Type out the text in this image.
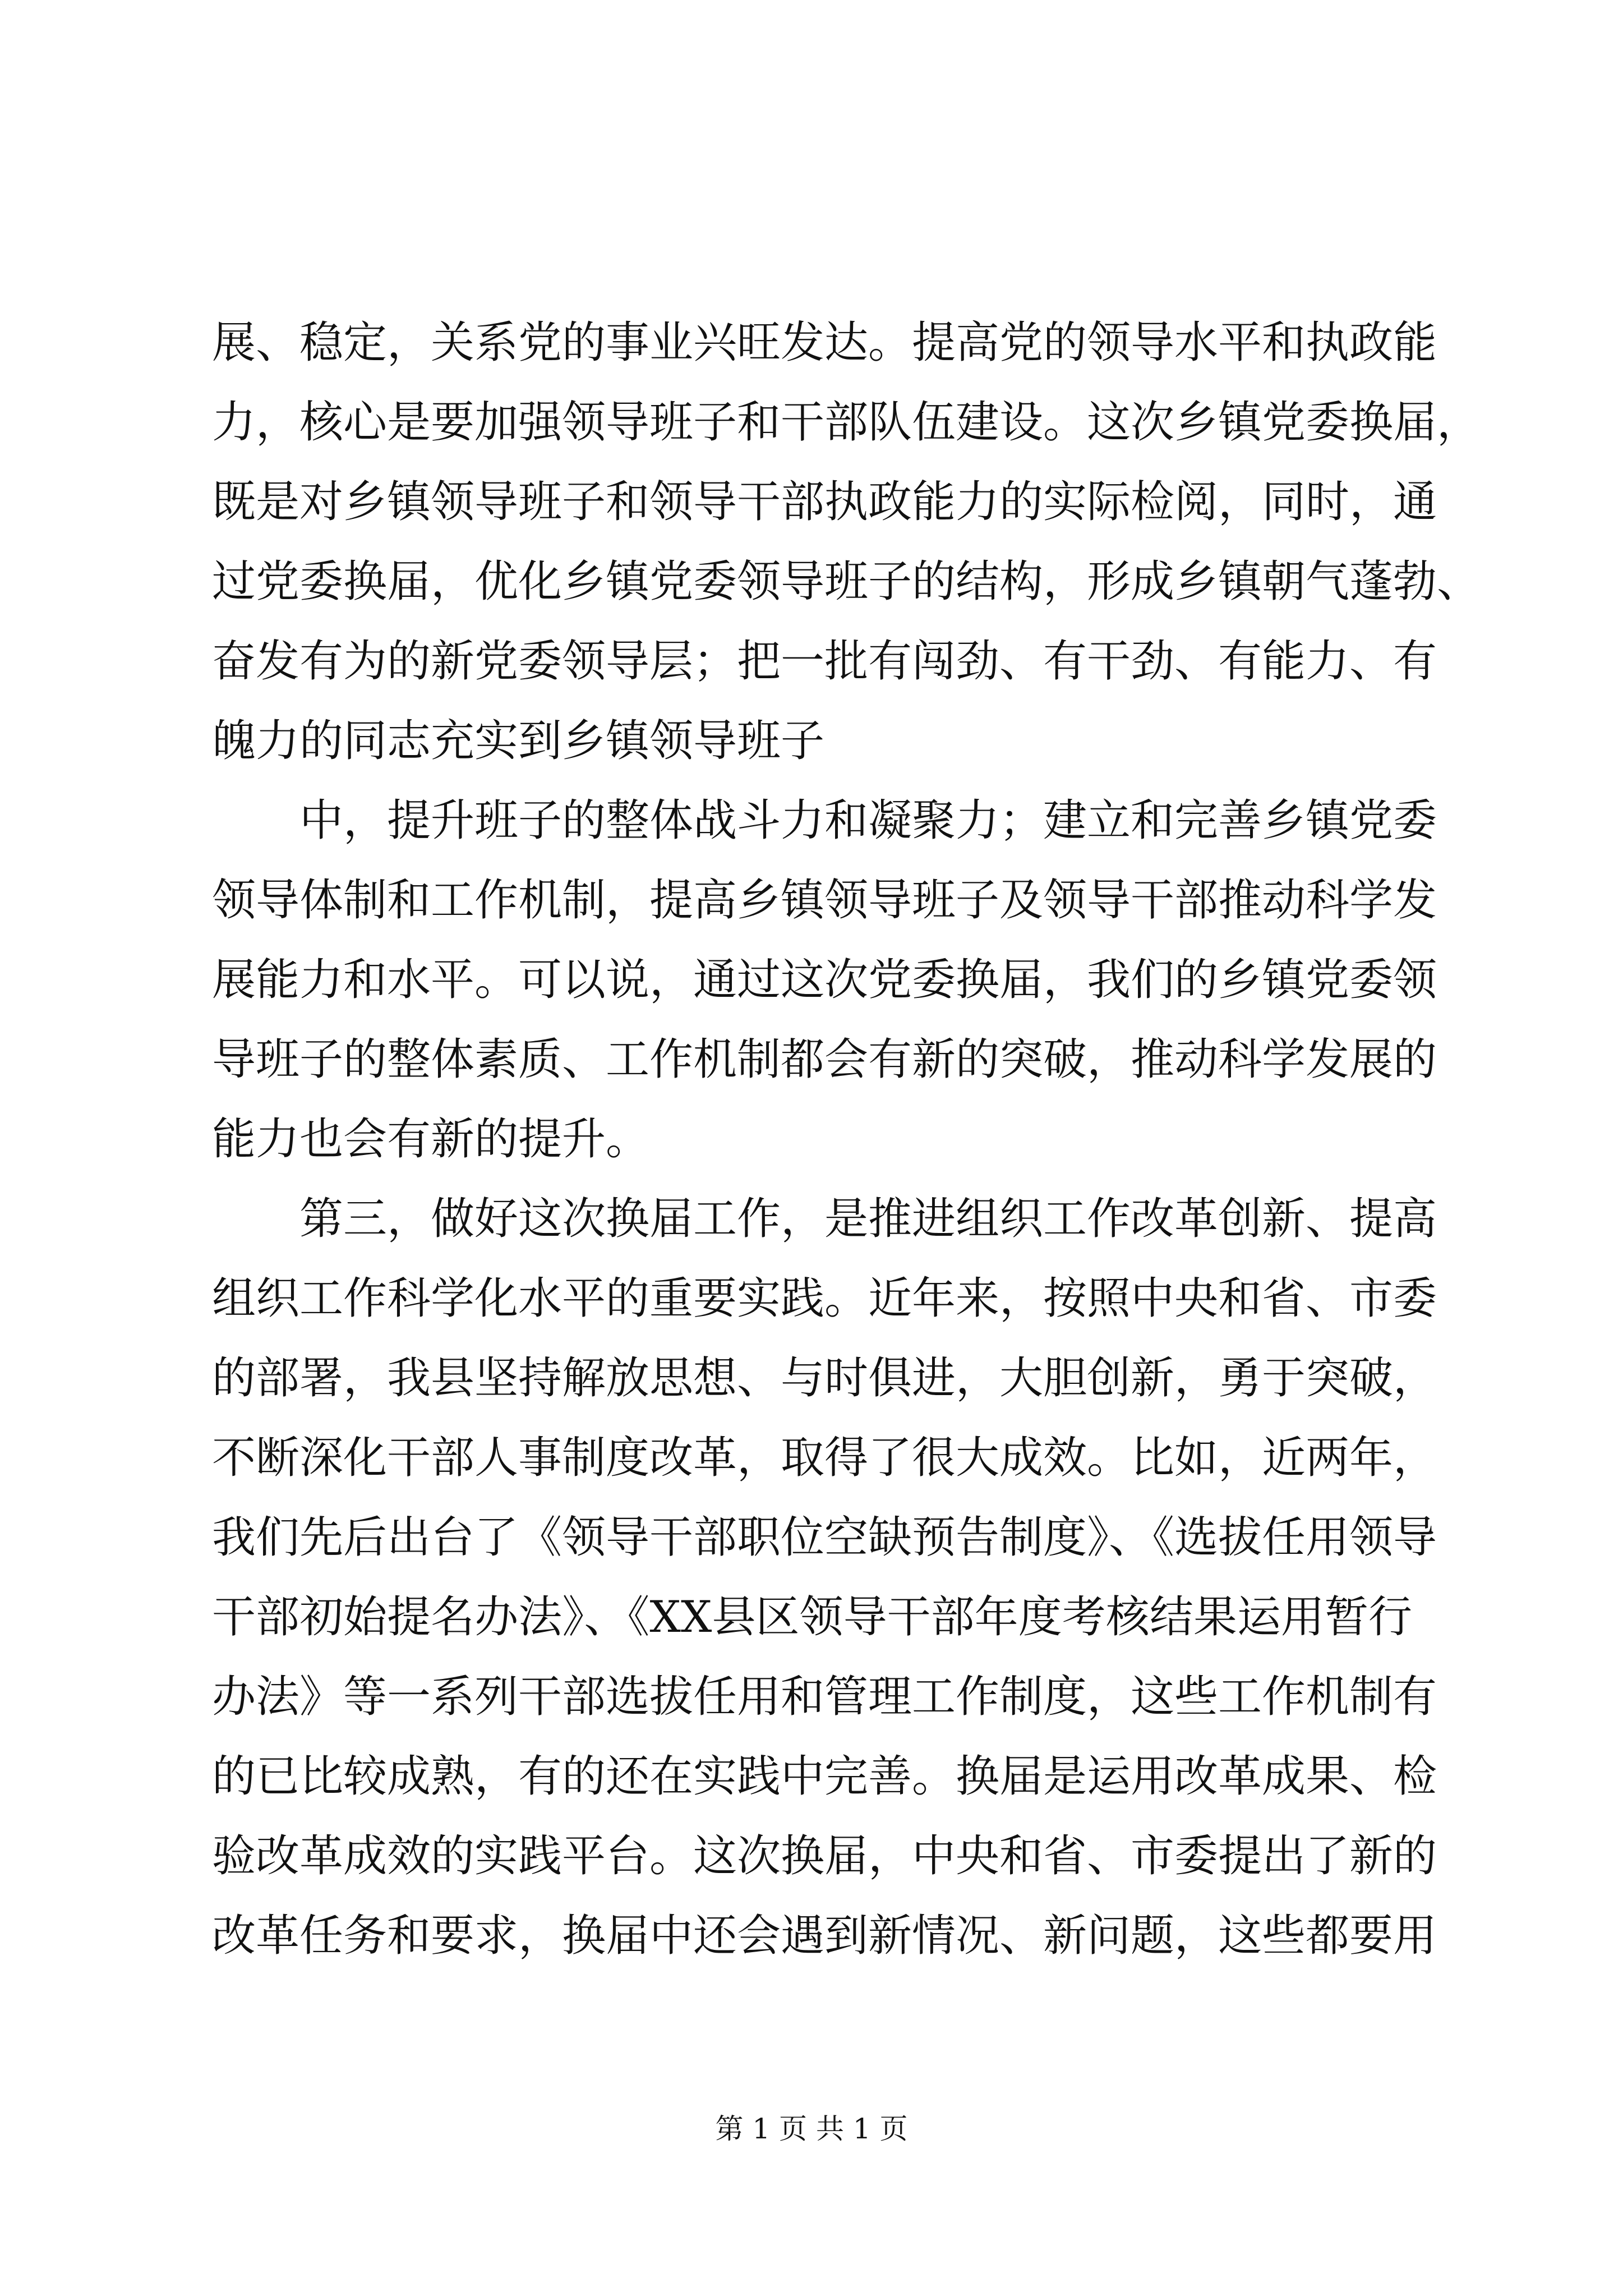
展、稳定，关系党的事业兴旺发达。提高党的领导水平和执政能
力，核心是要加强领导班子和干部队伍建设。这次乡镇党委换届，
既是对乡镇领导班子和领导干部执政能力的实际检阅，同时，通
过党委换届，优化乡镇党委领导班子的结构，形成乡镇朝气蓬勃、
奋发有为的新党委领导层；把一批有闯劲、有干劲、有能力、有
魄力的同志充实到乡镇领导班子
中，提升班子的整体战斗力和凝聚力；建立和完善乡镇党委
领导体制和工作机制，提高乡镇领导班子及领导干部推动科学发
展能力和水平。可以说，通过这次党委换届，我们的乡镇党委领
导班子的整体素质、工作机制都会有新的突破，推动科学发展的
能力也会有新的提升。
第三，做好这次换届工作，是推进组织工作改革创新、提高
组织工作科学化水平的重要实践。近年来，按照中央和省、市委
的部署，我县坚持解放思想、与时俱进，大胆创新，勇于突破，
不断深化干部人事制度改革，取得了很大成效。比如，近两年，
我们先后出台了《领导干部职位空缺预告制度》、《选拔任用领导
干部初始提名办法》、《XX县区领导干部年度考核结果运用暂行
办法》等一系列干部选拔任用和管理工作制度，这些工作机制有
的已比较成熟，有的还在实践中完善。换届是运用改革成果、检
验改革成效的实践平台。这次换届，中央和省、市委提出了新的
改革任务和要求，换届中还会遇到新情况、新问题，这些都要用
第 1 页 共 1 页
